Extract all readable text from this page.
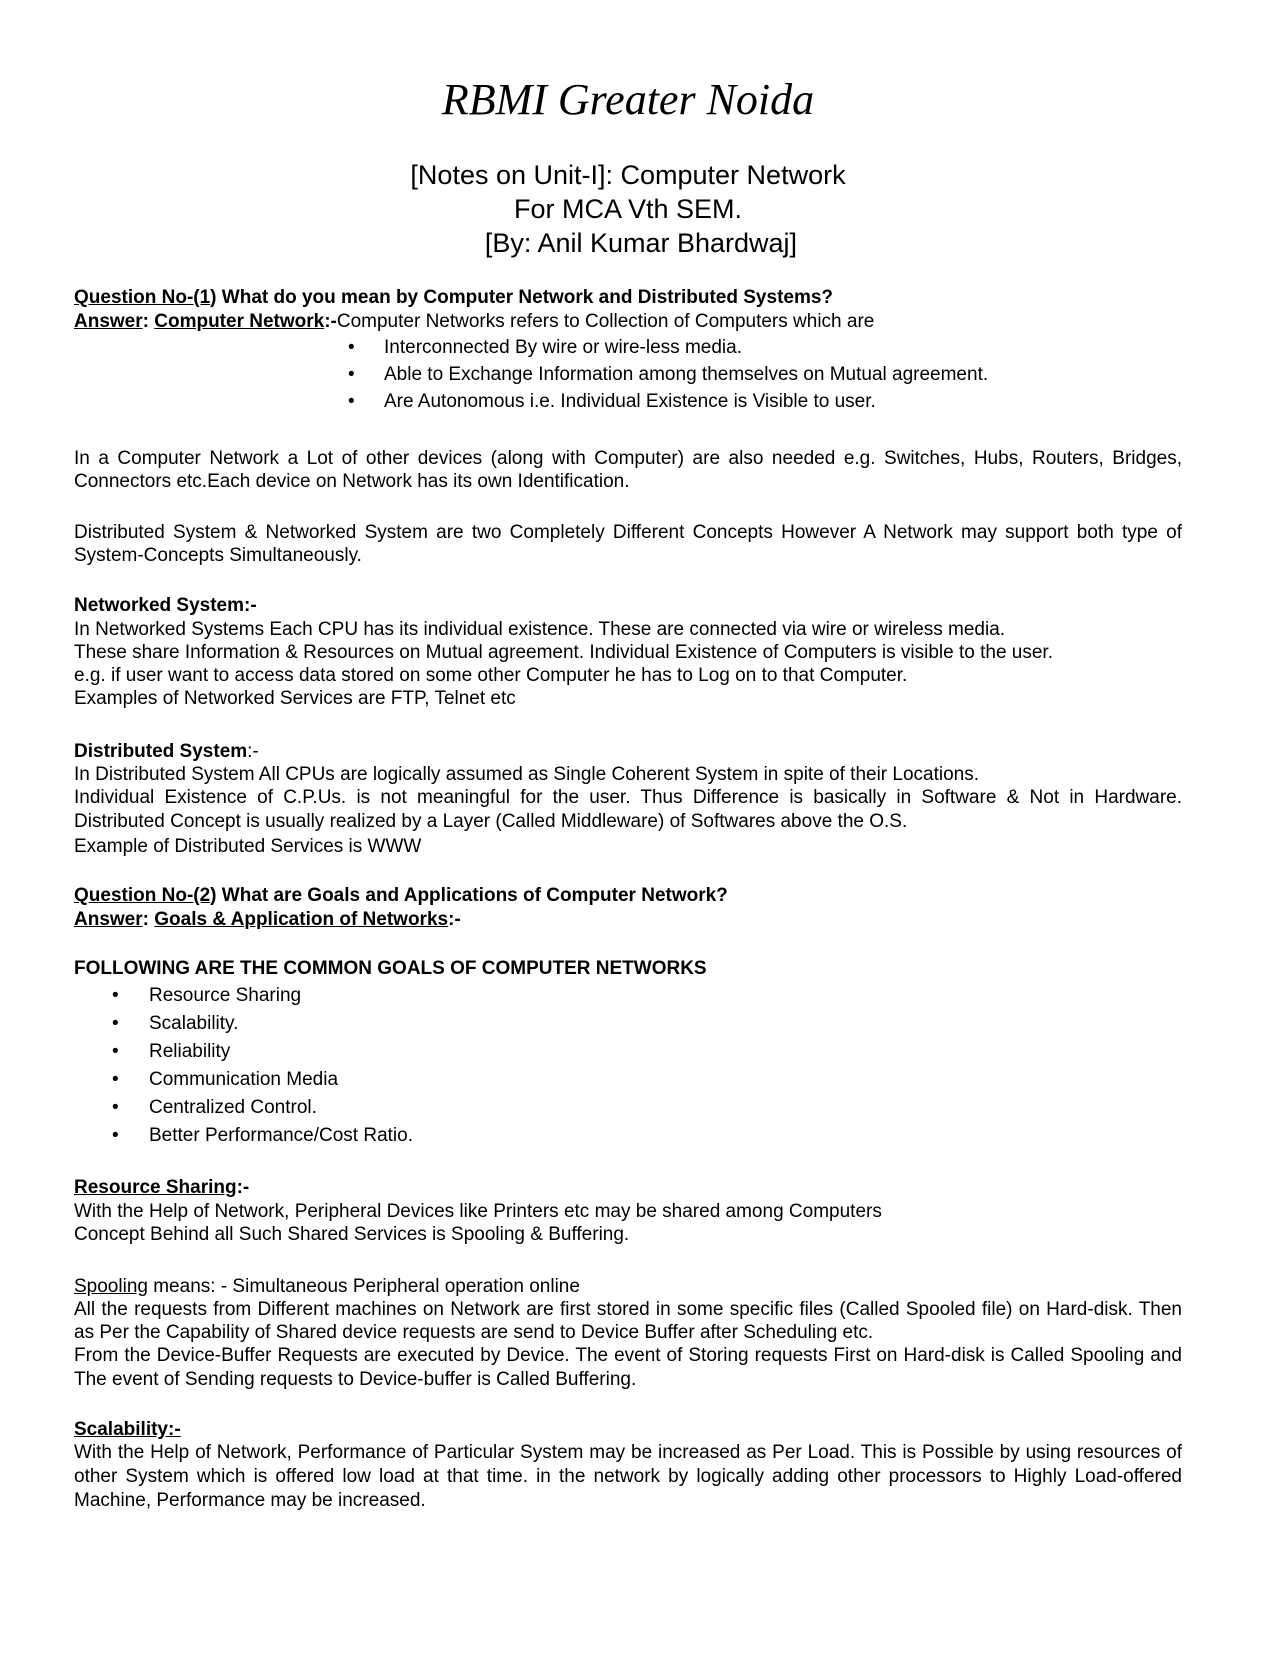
RBMI Greater Noida
[Notes on Unit-I]: Computer Network
For MCA Vth SEM.
[By: Anil Kumar Bhardwaj]
Question No-(1) What do you mean by Computer Network and Distributed Systems?
Answer: Computer Network:-Computer Networks refers to Collection of Computers which are
• Interconnected By wire or wire-less media.
• Able to Exchange Information among themselves on Mutual agreement.
• Are Autonomous i.e. Individual Existence is Visible to user.
In a Computer Network a Lot of other devices (along with Computer) are also needed e.g. Switches, Hubs, Routers, Bridges, Connectors etc.Each device on Network has its own Identification.
Distributed System & Networked System are two Completely Different Concepts However A Network may support both type of System-Concepts Simultaneously.
Networked System:-
In Networked Systems Each CPU has its individual existence. These are connected via wire or wireless media.
These share Information & Resources on Mutual agreement. Individual Existence of Computers is visible to the user.
e.g. if user want to access data stored on some other Computer he has to Log on to that Computer.
Examples of Networked Services are FTP, Telnet etc
Distributed System:-
In Distributed System All CPUs are logically assumed as Single Coherent System in spite of their Locations.
Individual Existence of C.P.Us. is not meaningful for the user. Thus Difference is basically in Software & Not in Hardware. Distributed Concept is usually realized by a Layer (Called Middleware) of Softwares above the O.S.
Example of Distributed Services is WWW
Question No-(2) What are Goals and Applications of Computer Network?
Answer: Goals & Application of Networks:-
FOLLOWING ARE THE COMMON GOALS OF COMPUTER NETWORKS
• Resource Sharing
• Scalability.
• Reliability
• Communication Media
• Centralized Control.
• Better Performance/Cost Ratio.
Resource Sharing:-
With the Help of Network, Peripheral Devices like Printers etc may be shared among Computers
Concept Behind all Such Shared Services is Spooling & Buffering.
Spooling means: - Simultaneous Peripheral operation online
All the requests from Different machines on Network are first stored in some specific files (Called Spooled file) on Hard-disk. Then as Per the Capability of Shared device requests are send to Device Buffer after Scheduling etc.
From the Device-Buffer Requests are executed by Device. The event of Storing requests First on Hard-disk is Called Spooling and The event of Sending requests to Device-buffer is Called Buffering.
Scalability:-
With the Help of Network, Performance of Particular System may be increased as Per Load. This is Possible by using resources of other System which is offered low load at that time. in the network by logically adding other processors to Highly Load-offered Machine, Performance may be increased.
